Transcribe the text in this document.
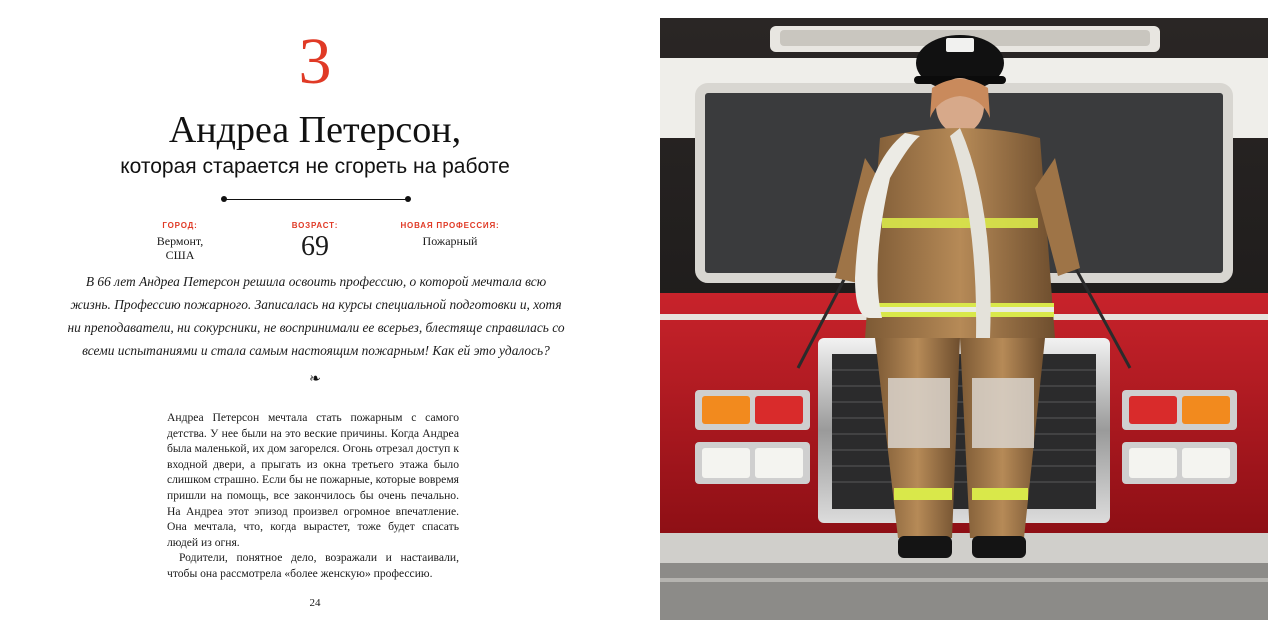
3
Андреа Петерсон,
которая старается не сгореть на работе
ГОРОД:
Вермонт,
США
ВОЗРАСТ:
69
НОВАЯ ПРОФЕССИЯ:
Пожарный
В 66 лет Андреа Петерсон решила освоить профессию, о которой мечтала всю жизнь. Профессию пожарного. Записалась на курсы специальной подготовки и, хотя ни преподаватели, ни сокурсники, не воспринимали ее всерьез, блестяще справилась со всеми испытаниями и стала самым настоящим пожарным! Как ей это удалось?
❧

Андреа Петерсон мечтала стать пожарным с самого детства. У нее были на это веские причины. Когда Андреа была маленькой, их дом загорелся. Огонь отрезал доступ к входной двери, а прыгать из окна третьего этажа было слишком страшно. Если бы не пожарные, которые вовремя пришли на помощь, все закончилось бы очень печально. На Андреа этот эпизод произвел огромное впечатление. Она мечтала, что, когда вырастет, тоже будет спасать людей из огня.

Родители, понятное дело, возражали и настаивали, чтобы она рассмотрела «более женскую» профессию.

24
